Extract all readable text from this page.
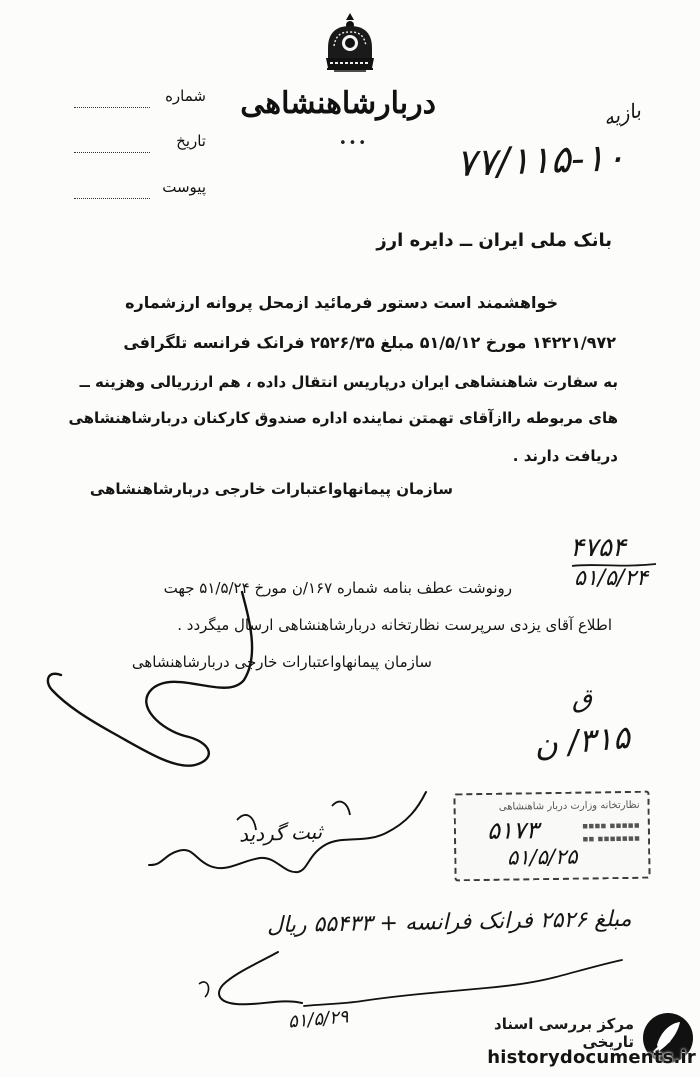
دربارشاهنشاهی
•••
شماره
تاریخ
پیوست
بازیه
۷۷/۱۱۵-۱۰
بانک ملی ایران ــ دایره ارز
خواهشمند است دستور فرمائید ازمحل پروانه ارزشماره
۱۴۲۲۱/۹۷۲ مورخ ۵۱/۵/۱۲ مبلغ ۲۵۲۶/۳۵ فرانک فرانسه تلگرافی
به سفارت شاهنشاهی ایران درپاریس انتقال داده ، هم ارزریالی وهزینه ــ
های مربوطه راازآقای تهمتن نماینده اداره صندوق کارکنان دربارشاهنشاهی
دریافت دارند .
سازمان پیمانهاواعتبارات خارجی دربارشاهنشاهی
۴۷۵۴
۵۱/۵/۲۴
رونوشت عطف بنامه شماره ۱۶۷/ن مورخ ۵۱/۵/۲۴ جهت
اطلاع آقای یزدی سرپرست نظارتخانه دربارشاهنشاهی ارسال میگردد .
سازمان پیمانهاواعتبارات خارجی دربارشاهنشاهی
ق
۳۱۵/ ن
نظارتخانه وزارت دربار شاهنشاهی
۵۱۷۳
۵۱/۵/۲۵
▪▪▪▪▪ ▪▪▪▪
▪▪▪▪▪▪▪ ▪▪
ثبت گردید
مبلغ ۲۵۲۶ فرانک فرانسه + ۵۵۴۳۳ ریال
۵۱/۵/۲۹	مرکز بررسی اسناد تاریخی
historydocuments.ir
